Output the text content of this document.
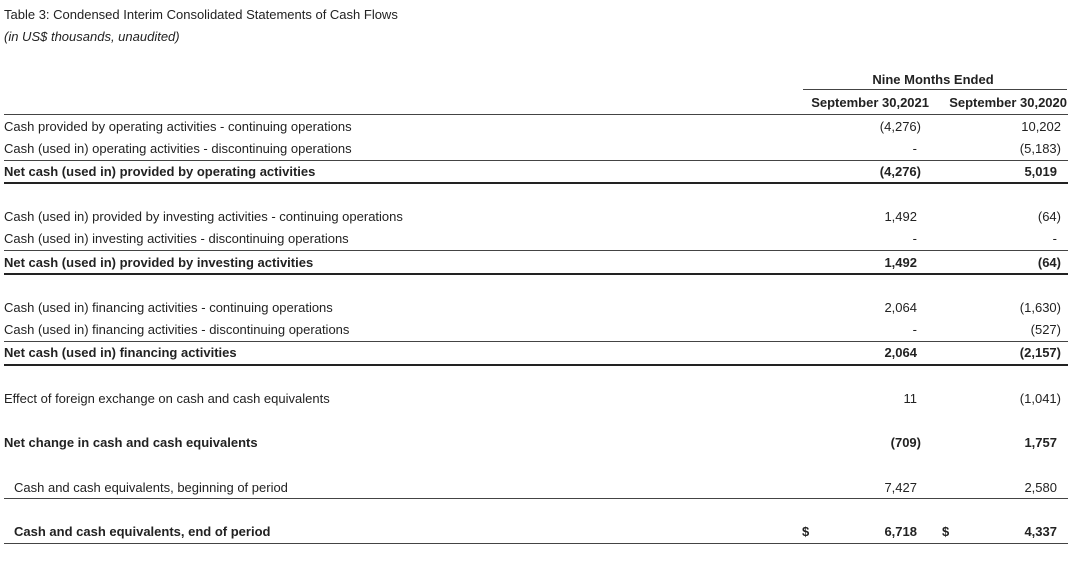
Table 3: Condensed Interim Consolidated Statements of Cash Flows
(in US$ thousands, unaudited)
Nine Months Ended
September 30,2021	September 30,2020
Cash provided by operating activities - continuing operations	(4,276)	10,202
Cash (used in) operating activities - discontinuing operations	-	(5,183)
Net cash (used in) provided by operating activities	(4,276)	5,019
Cash (used in) provided by investing activities - continuing operations	1,492	(64)
Cash (used in) investing activities - discontinuing operations	-	-
Net cash (used in) provided by investing activities	1,492	(64)
Cash (used in) financing activities - continuing operations	2,064	(1,630)
Cash (used in) financing activities - discontinuing operations	-	(527)
Net cash (used in) financing activities	2,064	(2,157)
Effect of foreign exchange on cash and cash equivalents	11	(1,041)
Net change in cash and cash equivalents	(709)	1,757
Cash and cash equivalents, beginning of period	7,427	2,580
Cash and cash equivalents, end of period	$	6,718 $	4,337
